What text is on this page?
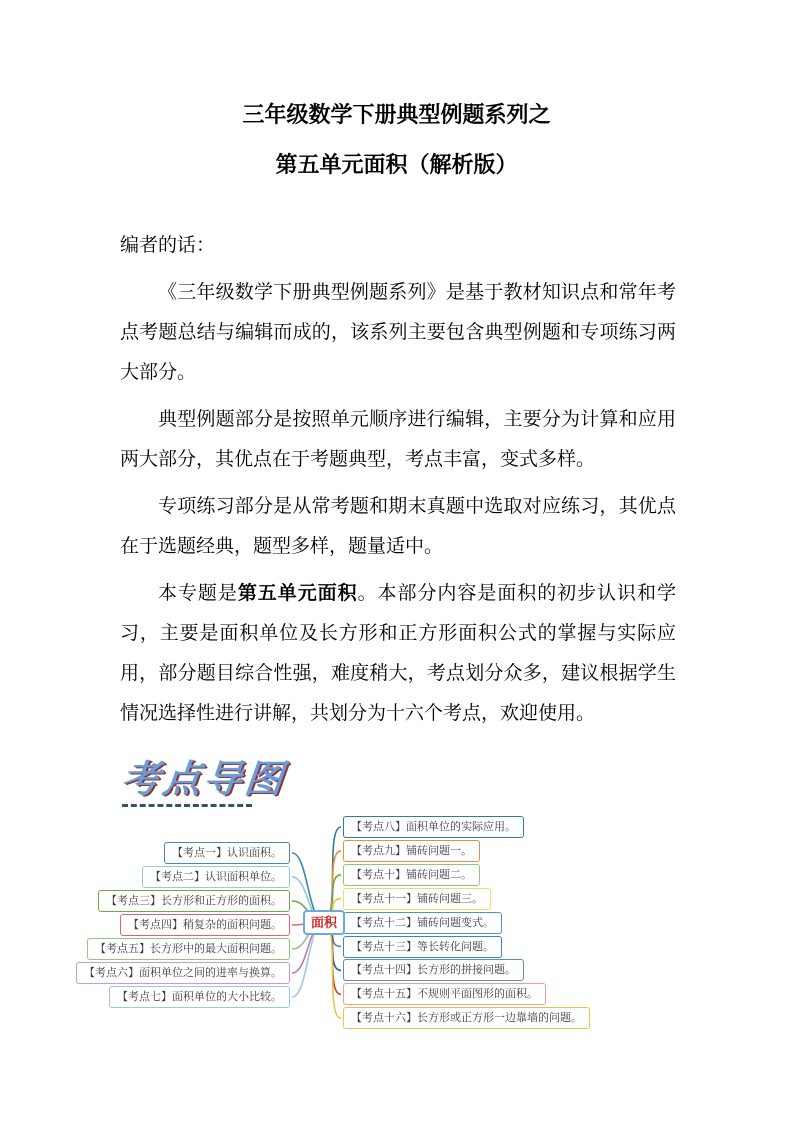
三年级数学下册典型例题系列之
第五单元面积（解析版）

编者的话：

《三年级数学下册典型例题系列》是基于教材知识点和常年考点考题总结与编辑而成的，该系列主要包含典型例题和专项练习两大部分。

典型例题部分是按照单元顺序进行编辑，主要分为计算和应用两大部分，其优点在于考题典型，考点丰富，变式多样。

专项练习部分是从常考题和期末真题中选取对应练习，其优点在于选题经典，题型多样，题量适中。

本专题是第五单元面积。本部分内容是面积的初步认识和学习，主要是面积单位及长方形和正方形面积公式的掌握与实际应用，部分题目综合性强，难度稍大，考点划分众多，建议根据学生情况选择性进行讲解，共划分为十六个考点，欢迎使用。

考点导图
面积
【考点一】认识面积。
【考点二】认识面积单位。
【考点三】长方形和正方形的面积。
【考点四】稍复杂的面积问题。
【考点五】长方形中的最大面积问题。
【考点六】面积单位之间的进率与换算。
【考点七】面积单位的大小比较。
【考点八】面积单位的实际应用。
【考点九】铺砖问题一。
【考点十】铺砖问题二。
【考点十一】铺砖问题三。
【考点十二】铺砖问题变式。
【考点十三】等长转化问题。
【考点十四】长方形的拼接问题。
【考点十五】不规则平面图形的面积。
【考点十六】长方形或正方形一边靠墙的问题。
